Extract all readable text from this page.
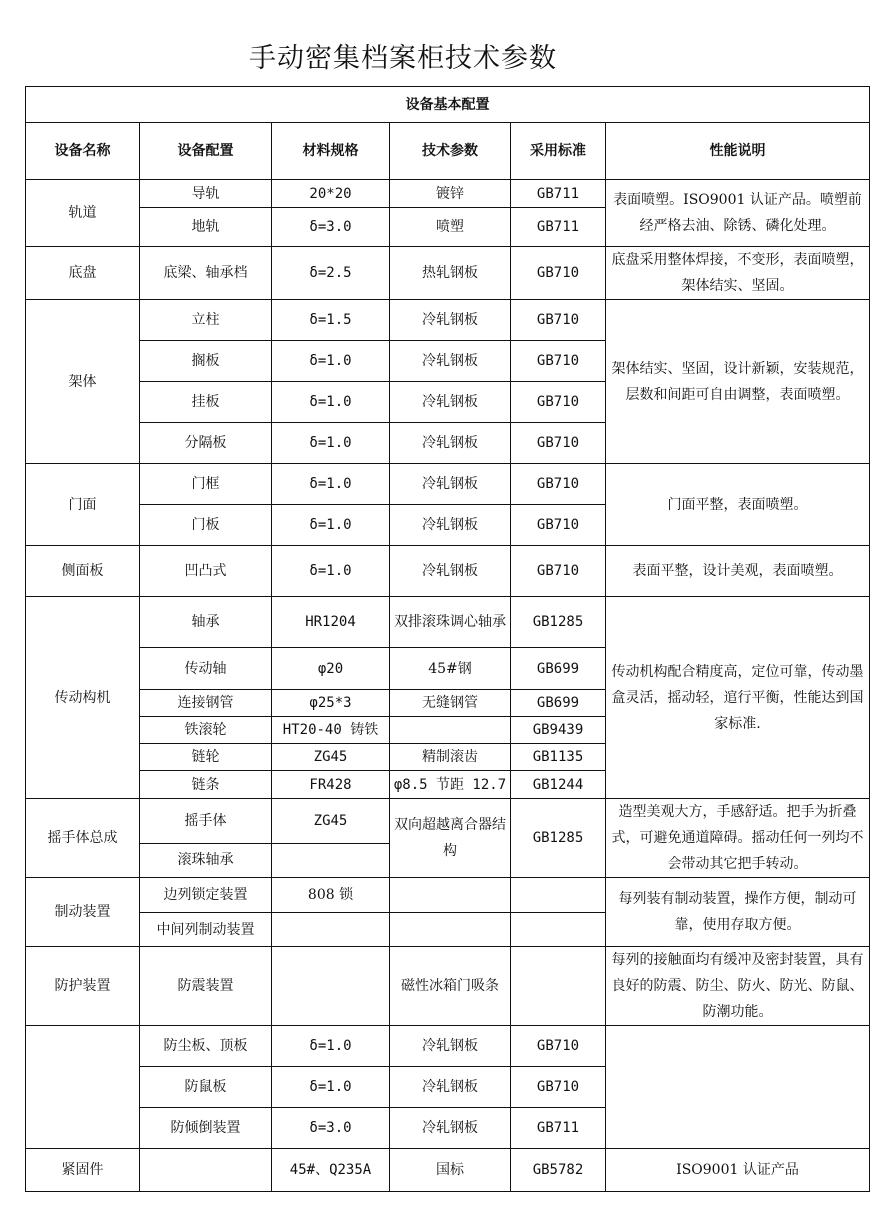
手动密集档案柜技术参数
设备基本配置					
设备名称	设备配置	材料规格	技术参数	采用标准	性能说明
轨道	导轨	20*20	镀锌	GB711	表面喷塑。ISO9001 认证产品。喷塑前经严格去油、除锈、磷化处理。
	地轨	δ=3.0	喷塑	GB711	
底盘	底梁、轴承档	δ=2.5	热轧钢板	GB710	底盘采用整体焊接，不变形，表面喷塑，架体结实、坚固。
架体	立柱	δ=1.5	冷轧钢板	GB710	架体结实、坚固，设计新颖，安装规范，层数和间距可自由调整，表面喷塑。
	搁板	δ=1.0	冷轧钢板	GB710	
	挂板	δ=1.0	冷轧钢板	GB710	
	分隔板	δ=1.0	冷轧钢板	GB710	
门面	门框	δ=1.0	冷轧钢板	GB710	门面平整，表面喷塑。
	门板	δ=1.0	冷轧钢板	GB710	
侧面板	凹凸式	δ=1.0	冷轧钢板	GB710	表面平整，设计美观，表面喷塑。
传动构机	轴承	HR1204	双排滚珠调心轴承	GB1285	传动机构配合精度高，定位可靠，传动墨盒灵活，摇动轻，逭行平衡，性能达到国家标准.
	传动轴	φ20	45#钢	GB699	
	连接钢管	φ25*3	无缝钢管	GB699	
	铁滚轮	HT20-40 铸铁		GB9439	
	链轮	ZG45	精制滚齿	GB1135	
	链条	FR428	φ8.5 节距 12.7	GB1244	
摇手体总成	摇手体	ZG45	双向超越离合器结构	GB1285	造型美观大方，手感舒适。把手为折叠式，可避免通道障碍。摇动任何一列均不会带动其它把手转动。
	滚珠轴承				
制动装置	边列锁定装置	808 锁			每列装有制动装置，操作方便，制动可靠，使用存取方便。
	中间列制动装置				
防护装置	防震装置		磁性冰箱门吸条		每列的接触面均有缓冲及密封装置，具有良好的防震、防尘、防火、防光、防鼠、防潮功能。
	防尘板、顶板	δ=1.0	冷轧钢板	GB710	
	防鼠板	δ=1.0	冷轧钢板	GB710	
	防倾倒装置	δ=3.0	冷轧钢板	GB711	
紧固件		45#、Q235A	国标	GB5782	ISO9001 认证产品
